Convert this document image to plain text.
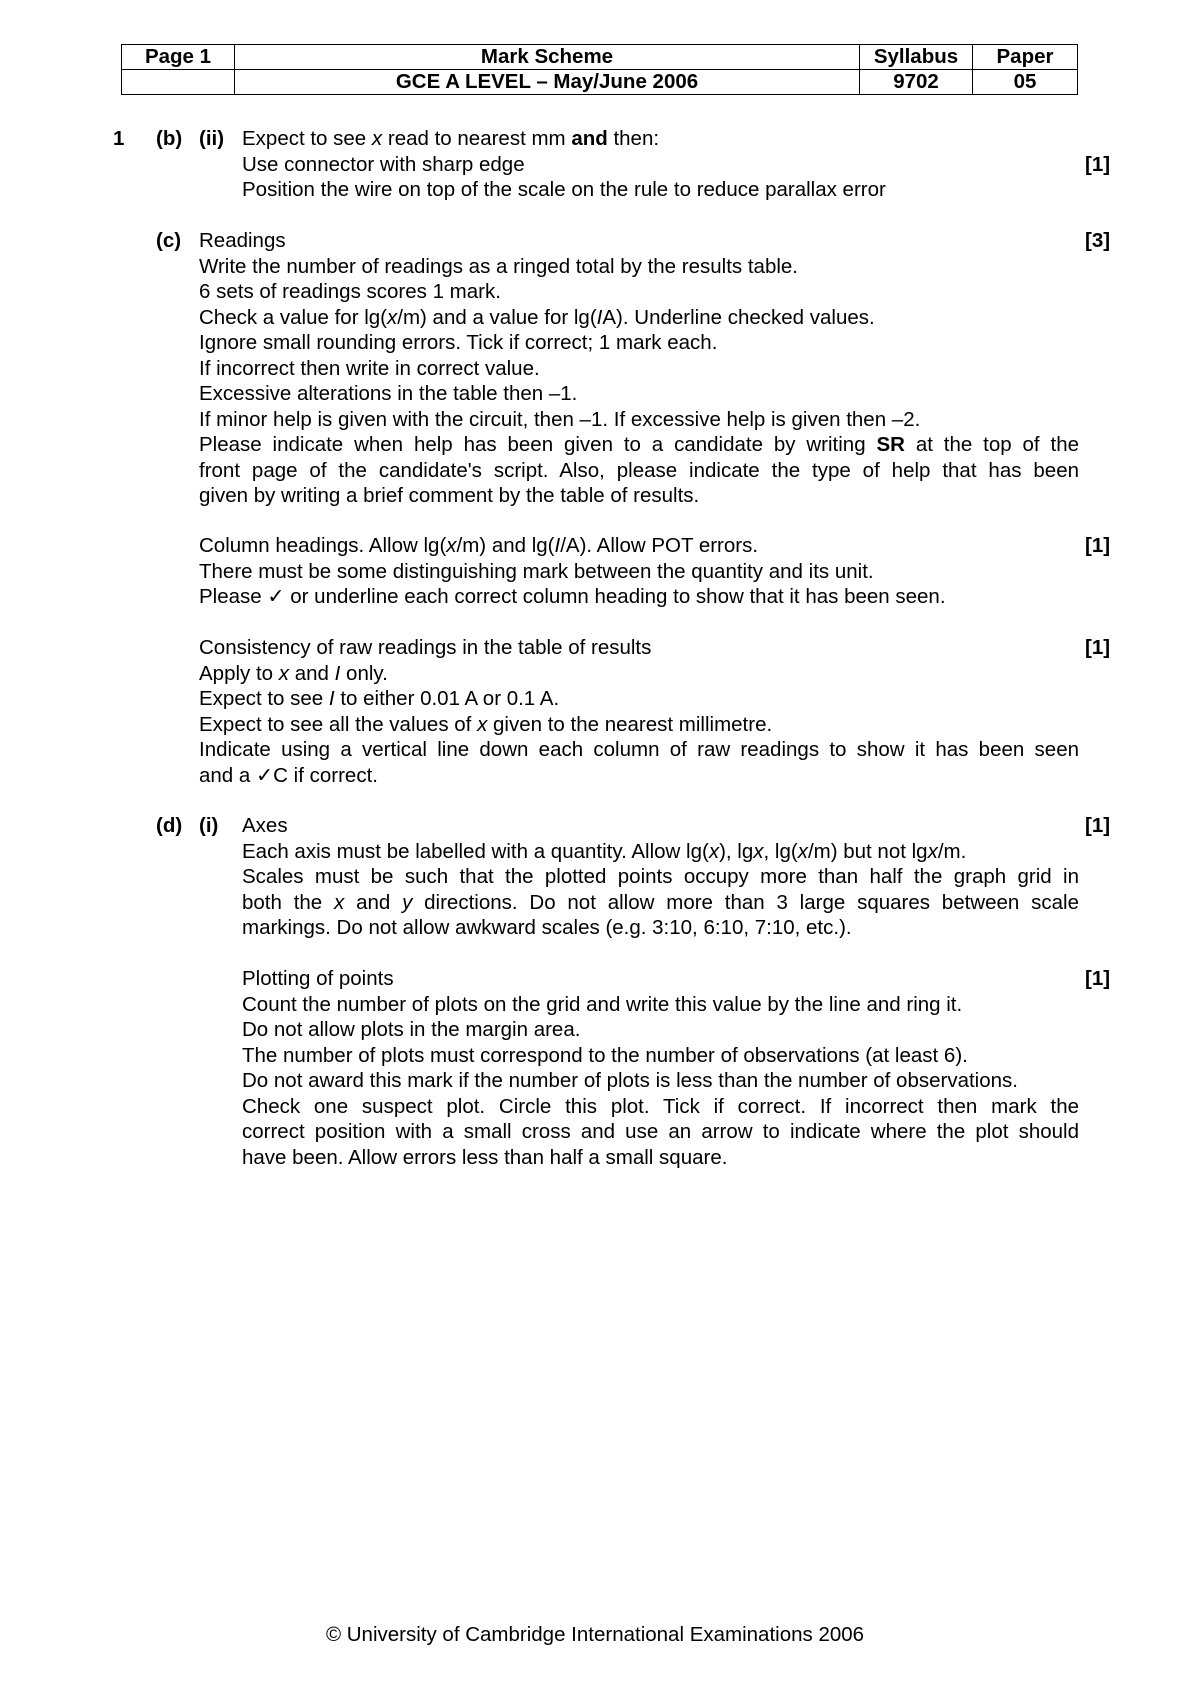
Page 1	Mark Scheme	Syllabus	Paper
	GCE A LEVEL – May/June 2006	9702	05
1 (b) (ii) Expect to see x read to nearest mm and then:
Use connector with sharp edge
Position the wire on top of the scale on the rule to reduce parallax error
[1]
(c) Readings
Write the number of readings as a ringed total by the results table.
6 sets of readings scores 1 mark.
Check a value for lg(x/m) and a value for lg(IA). Underline checked values.
Ignore small rounding errors. Tick if correct; 1 mark each.
If incorrect then write in correct value.
Excessive alterations in the table then –1.
If minor help is given with the circuit, then –1. If excessive help is given then –2.
Please indicate when help has been given to a candidate by writing SR at the top of the
front page of the candidate's script. Also, please indicate the type of help that has been
given by writing a brief comment by the table of results.
[3]
Column headings. Allow lg(x/m) and lg(I/A). Allow POT errors.
There must be some distinguishing mark between the quantity and its unit.
Please ✓ or underline each correct column heading to show that it has been seen.
[1]
Consistency of raw readings in the table of results
Apply to x and I only.
Expect to see I to either 0.01 A or 0.1 A.
Expect to see all the values of x given to the nearest millimetre.
Indicate using a vertical line down each column of raw readings to show it has been seen
and a ✓C if correct.
[1]
(d) (i) Axes
Each axis must be labelled with a quantity. Allow lg(x), lgx, lg(x/m) but not lgx/m.
Scales must be such that the plotted points occupy more than half the graph grid in
both the x and y directions. Do not allow more than 3 large squares between scale
markings. Do not allow awkward scales (e.g. 3:10, 6:10, 7:10, etc.).
[1]
Plotting of points
Count the number of plots on the grid and write this value by the line and ring it.
Do not allow plots in the margin area.
The number of plots must correspond to the number of observations (at least 6).
Do not award this mark if the number of plots is less than the number of observations.
Check one suspect plot. Circle this plot. Tick if correct. If incorrect then mark the
correct position with a small cross and use an arrow to indicate where the plot should
have been. Allow errors less than half a small square.
[1]
© University of Cambridge International Examinations 2006
